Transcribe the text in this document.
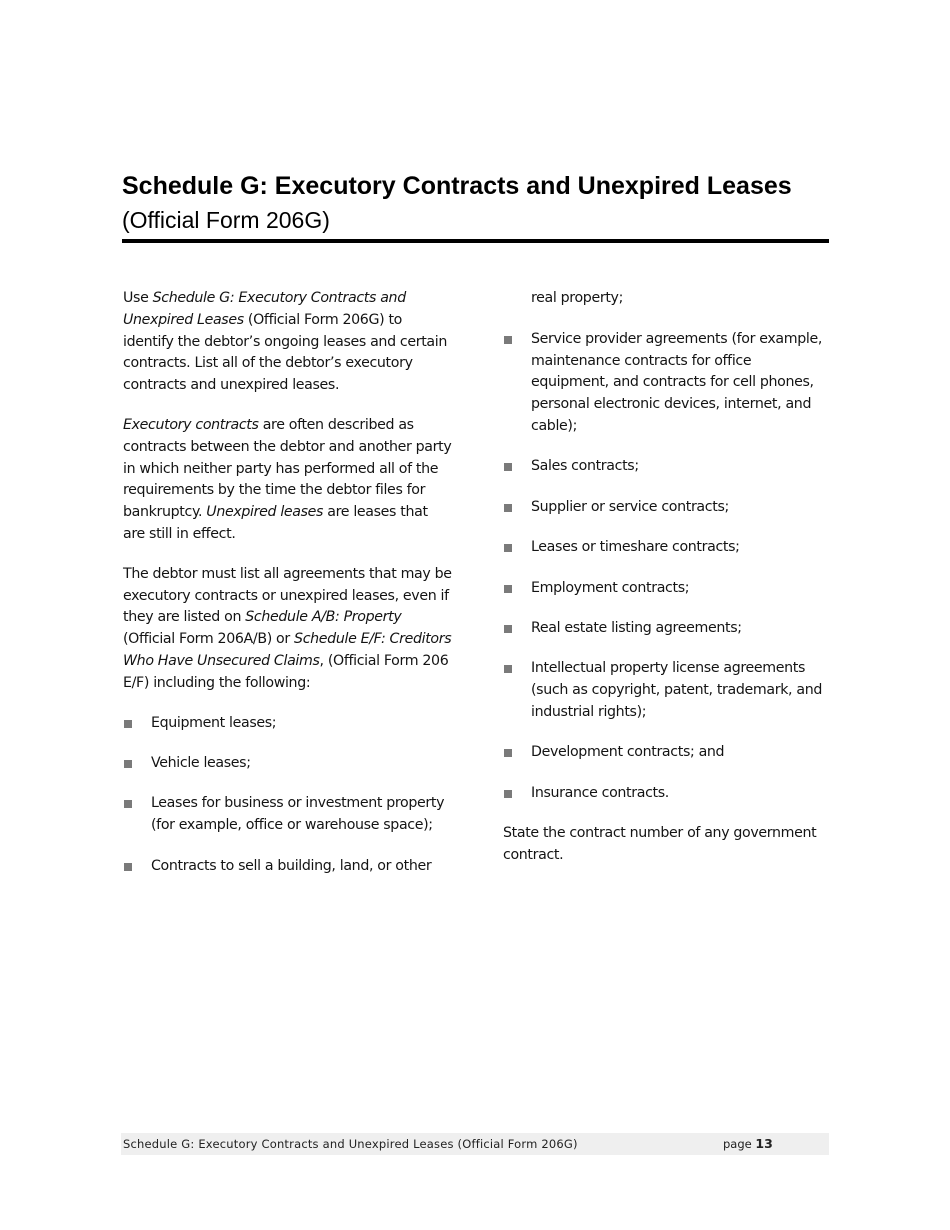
Schedule G: Executory Contracts and Unexpired Leases (Official Form 206G)

Use Schedule G: Executory Contracts and Unexpired Leases (Official Form 206G) to identify the debtor’s ongoing leases and certain contracts. List all of the debtor’s executory contracts and unexpired leases.

Executory contracts are often described as contracts between the debtor and another party in which neither party has performed all of the requirements by the time the debtor files for bankruptcy. Unexpired leases are leases that are still in effect.

The debtor must list all agreements that may be executory contracts or unexpired leases, even if they are listed on Schedule A/B: Property (Official Form 206A/B) or Schedule E/F: Creditors Who Have Unsecured Claims, (Official Form 206 E/F) including the following:

Equipment leases;
Vehicle leases;
Leases for business or investment property (for example, office or warehouse space);
Contracts to sell a building, land, or other
real property;
Service provider agreements (for example, maintenance contracts for office equipment, and contracts for cell phones, personal electronic devices, internet, and cable);
Sales contracts;
Supplier or service contracts;
Leases or timeshare contracts;
Employment contracts;
Real estate listing agreements;
Intellectual property license agreements (such as copyright, patent, trademark, and industrial rights);
Development contracts; and
Insurance contracts.

State the contract number of any government contract.

Schedule G: Executory Contracts and Unexpired Leases (Official Form 206G)	page 13
